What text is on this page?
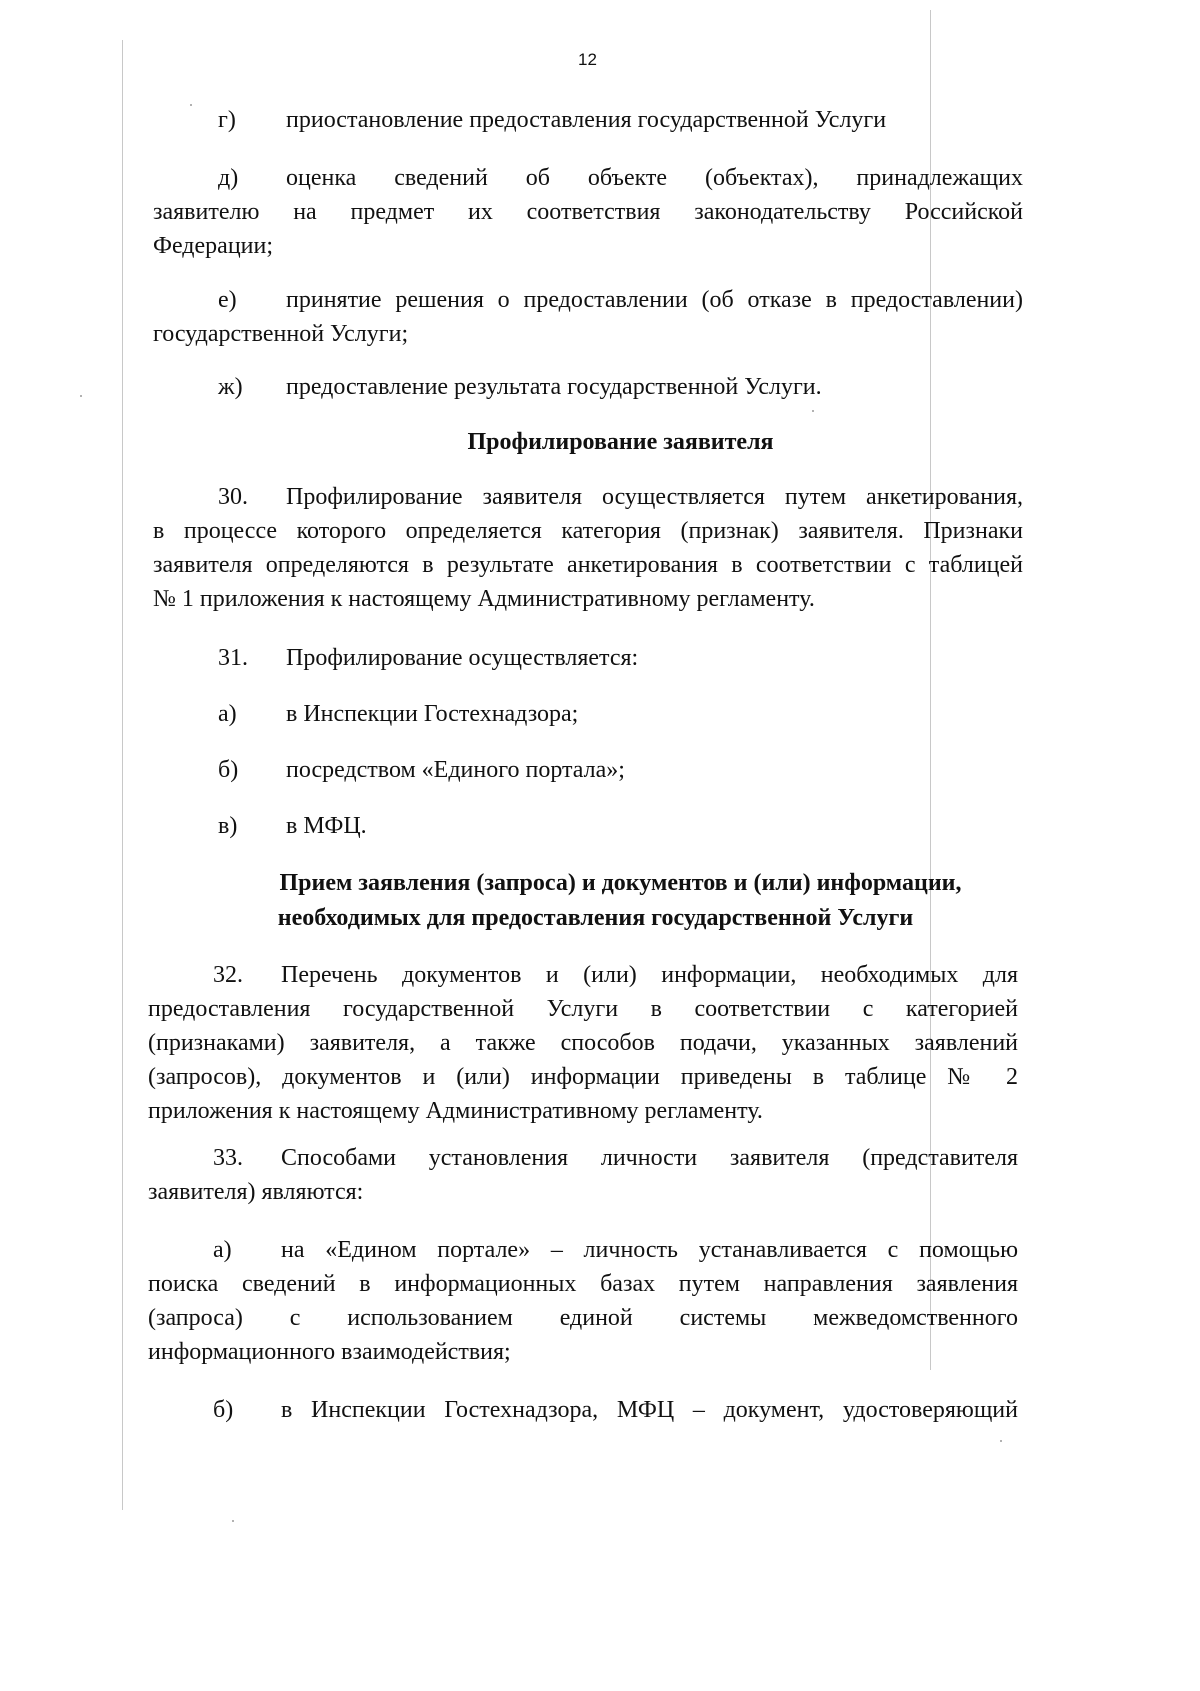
12
г) приостановление предоставления государственной Услуги
д) оценка сведений об объекте (объектах), принадлежащих
заявителю на предмет их соответствия законодательству Российской
Федерации;
е) принятие решения о предоставлении (об отказе в предоставлении)
государственной Услуги;
ж) предоставление результата государственной Услуги.
Профилирование заявителя
30. Профилирование заявителя осуществляется путем анкетирования,
в процессе которого определяется категория (признак) заявителя. Признаки
заявителя определяются в результате анкетирования в соответствии с таблицей
№ 1 приложения к настоящему Административному регламенту.
31. Профилирование осуществляется:
а) в Инспекции Гостехнадзора;
б) посредством «Единого портала»;
в) в МФЦ.
Прием заявления (запроса) и документов и (или) информации,
необходимых для предоставления государственной Услуги
32. Перечень документов и (или) информации, необходимых для
предоставления государственной Услуги в соответствии с категорией
(признаками) заявителя, а также способов подачи, указанных заявлений
(запросов), документов и (или) информации приведены в таблице № 2
приложения к настоящему Административному регламенту.
33. Способами установления личности заявителя (представителя
заявителя) являются:
а) на «Едином портале» – личность устанавливается с помощью
поиска сведений в информационных базах путем направления заявления
(запроса) с использованием единой системы межведомственного
информационного взаимодействия;
б) в Инспекции Гостехнадзора, МФЦ – документ, удостоверяющий
